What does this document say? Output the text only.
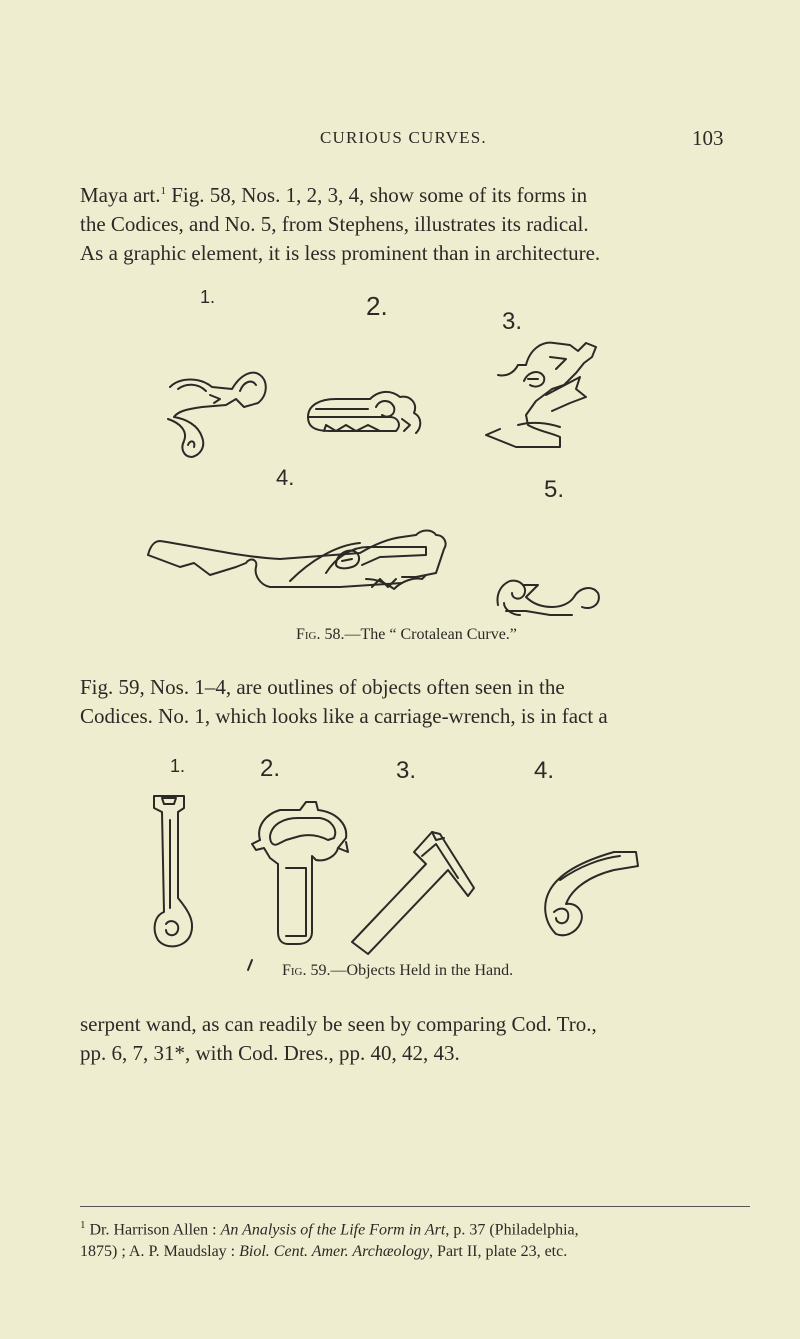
CURIOUS CURVES.	103
Maya art.$^1$ Fig. 58, Nos. 1, 2, 3, 4, show some of its forms in
the Codices, and No. 5, from Stephens, illustrates its radical.
As a graphic element, it is less prominent than in architecture.
1.	2.
3.
4.	5.
Fig. 58.—The “ Crotalean Curve.”
Fig. 59, Nos. 1–4, are outlines of objects often seen in the
Codices. No. 1, which looks like a carriage-wrench, is in fact a
1.	2.	3.	4.
Fig. 59.—Objects Held in the Hand.
serpent wand, as can readily be seen by comparing Cod. Tro.,
pp. 6, 7, 31*, with Cod. Dres., pp. 40, 42, 43.
$^1$ Dr. Harrison Allen : An Analysis of the Life Form in Art, p. 37 (Philadelphia,
1875) ; A. P. Maudslay : Biol. Cent. Amer. Archæology, Part II, plate 23, etc.
